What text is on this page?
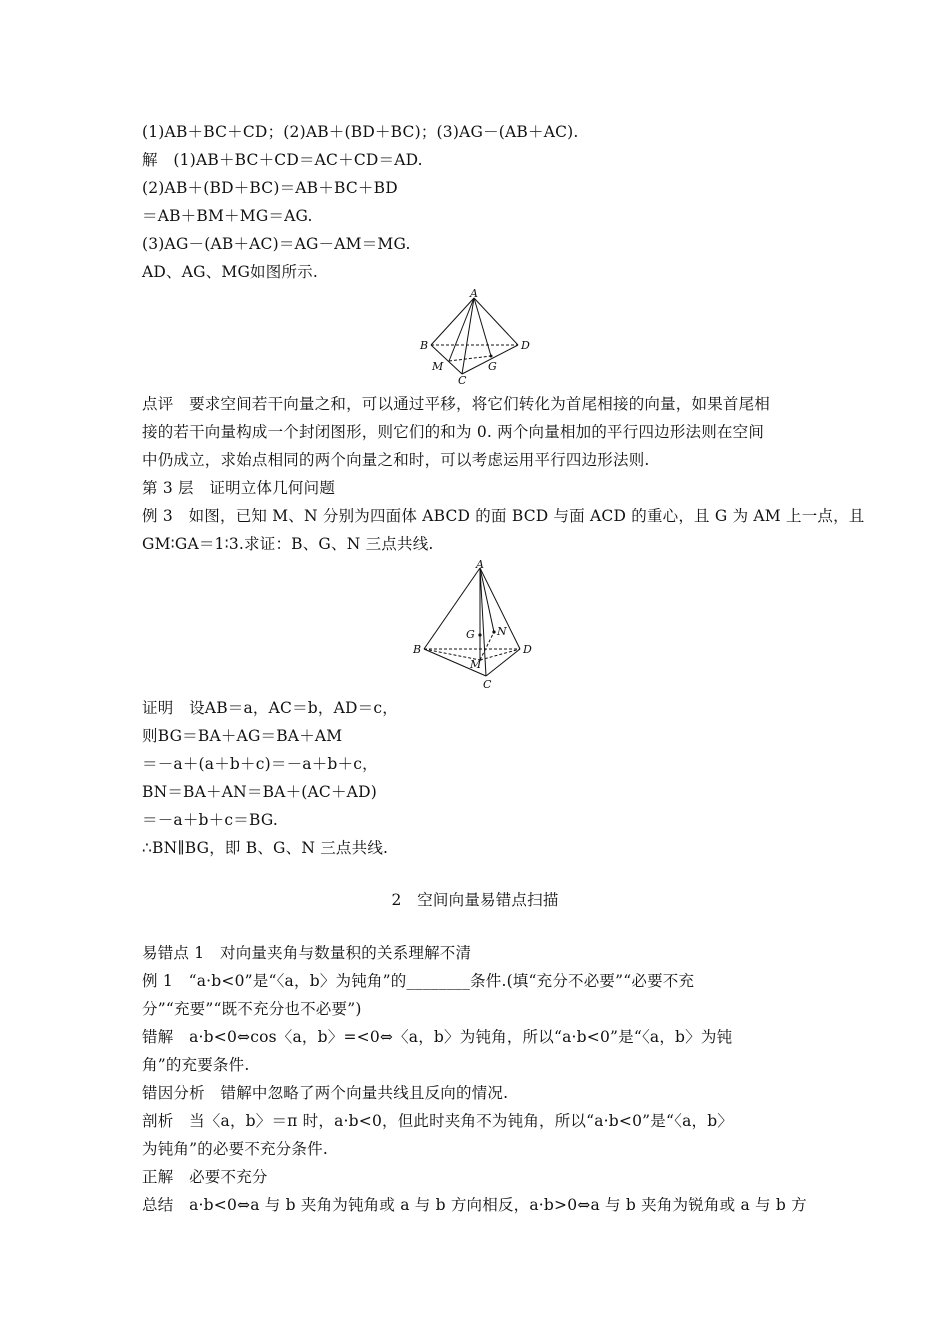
(1)AB＋BC＋CD；(2)AB＋(BD＋BC)；(3)AG－(AB＋AC).
解　(1)AB＋BC＋CD＝AC＋CD＝AD.
(2)AB＋(BD＋BC)＝AB＋BC＋BD
＝AB＋BM＋MG＝AG.
(3)AG－(AB＋AC)＝AG－AM＝MG.
AD、AG、MG如图所示.
A
B
C
D
M	G
点评　要求空间若干向量之和，可以通过平移，将它们转化为首尾相接的向量，如果首尾相
接的若干向量构成一个封闭图形，则它们的和为 0. 两个向量相加的平行四边形法则在空间
中仍成立，求始点相同的两个向量之和时，可以考虑运用平行四边形法则.
第 3 层　证明立体几何问题
例 3　如图，已知 M、N 分别为四面体 ABCD 的面 BCD 与面 ACD 的重心，且 G 为 AM 上一点，且
GM∶GA＝1∶3.求证：B、G、N 三点共线.
A
B
C
D
M
G N
证明　设AB＝a，AC＝b，AD＝c，
则BG＝BA＋AG＝BA＋AM
＝－a＋(a＋b＋c)＝－a＋b＋c，
BN＝BA＋AN＝BA＋(AC＋AD)
＝－a＋b＋c＝BG.
∴BN∥BG，即 B、G、N 三点共线.
2　空间向量易错点扫描
易错点 1　对向量夹角与数量积的关系理解不清
例 1　“a·b<0”是“〈a，b〉为钝角”的________条件.(填“充分不必要”“必要不充
分”“充要”“既不充分也不必要”)
错解　a·b<0⇔cos〈a，b〉=<0⇔〈a，b〉为钝角，所以“a·b<0”是“〈a，b〉为钝
角”的充要条件.
错因分析　错解中忽略了两个向量共线且反向的情况.
剖析　当〈a，b〉＝π 时，a·b<0，但此时夹角不为钝角，所以“a·b<0”是“〈a，b〉
为钝角”的必要不充分条件.
正解　必要不充分
总结　a·b<0⇔a 与 b 夹角为钝角或 a 与 b 方向相反，a·b>0⇔a 与 b 夹角为锐角或 a 与 b 方
